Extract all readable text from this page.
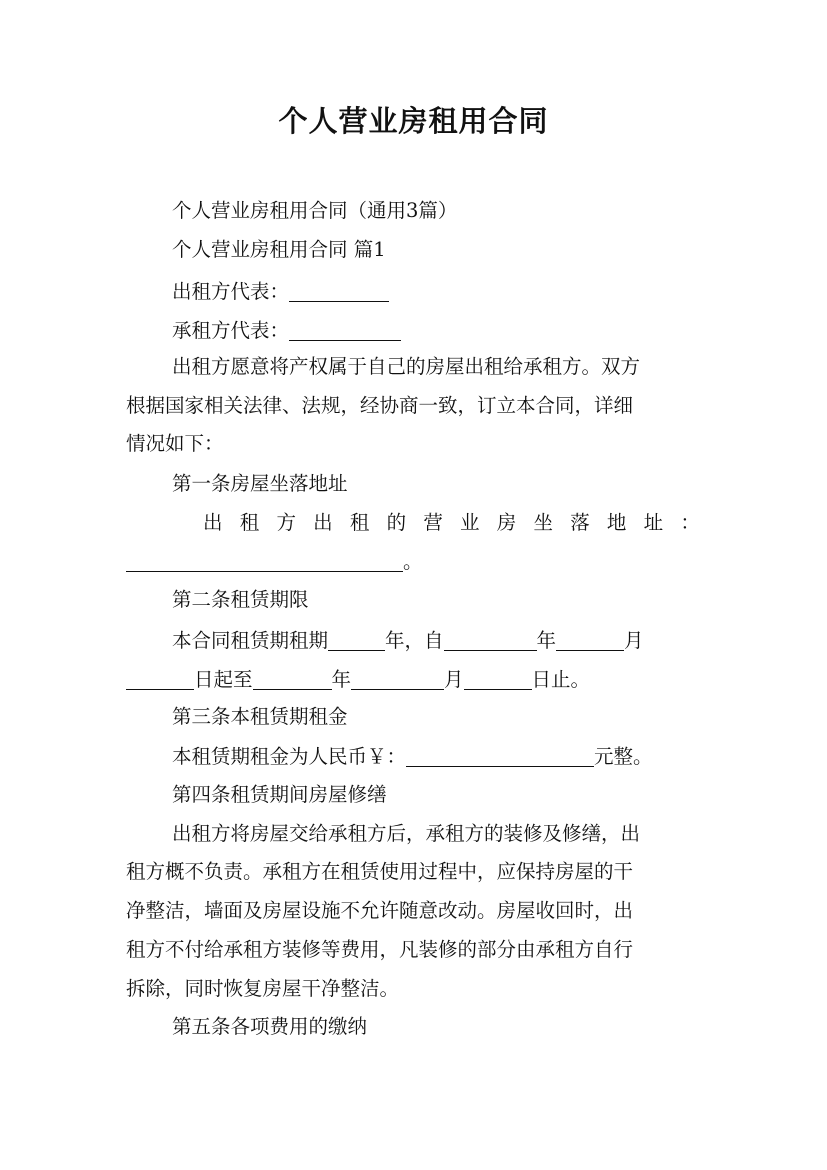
个人营业房租用合同
个人营业房租用合同（通用3篇）
个人营业房租用合同 篇1
出租方代表：
承租方代表：
出租方愿意将产权属于自己的房屋出租给承租方。双方
根据国家相关法律、法规，经协商一致，订立本合同，详细
情况如下：
第一条房屋坐落地址
出 租 方 出 租 的 营 业 房 坐 落 地 址 ：
。
第二条租赁期限
本合同租赁期租期	年，自	年	月
日起至	年	月	日止。
第三条本租赁期租金
本租赁期租金为人民币￥：	元整。
第四条租赁期间房屋修缮
出租方将房屋交给承租方后，承租方的装修及修缮，出
租方概不负责。承租方在租赁使用过程中，应保持房屋的干
净整洁，墙面及房屋设施不允许随意改动。房屋收回时，出
租方不付给承租方装修等费用，凡装修的部分由承租方自行
拆除，同时恢复房屋干净整洁。
第五条各项费用的缴纳
